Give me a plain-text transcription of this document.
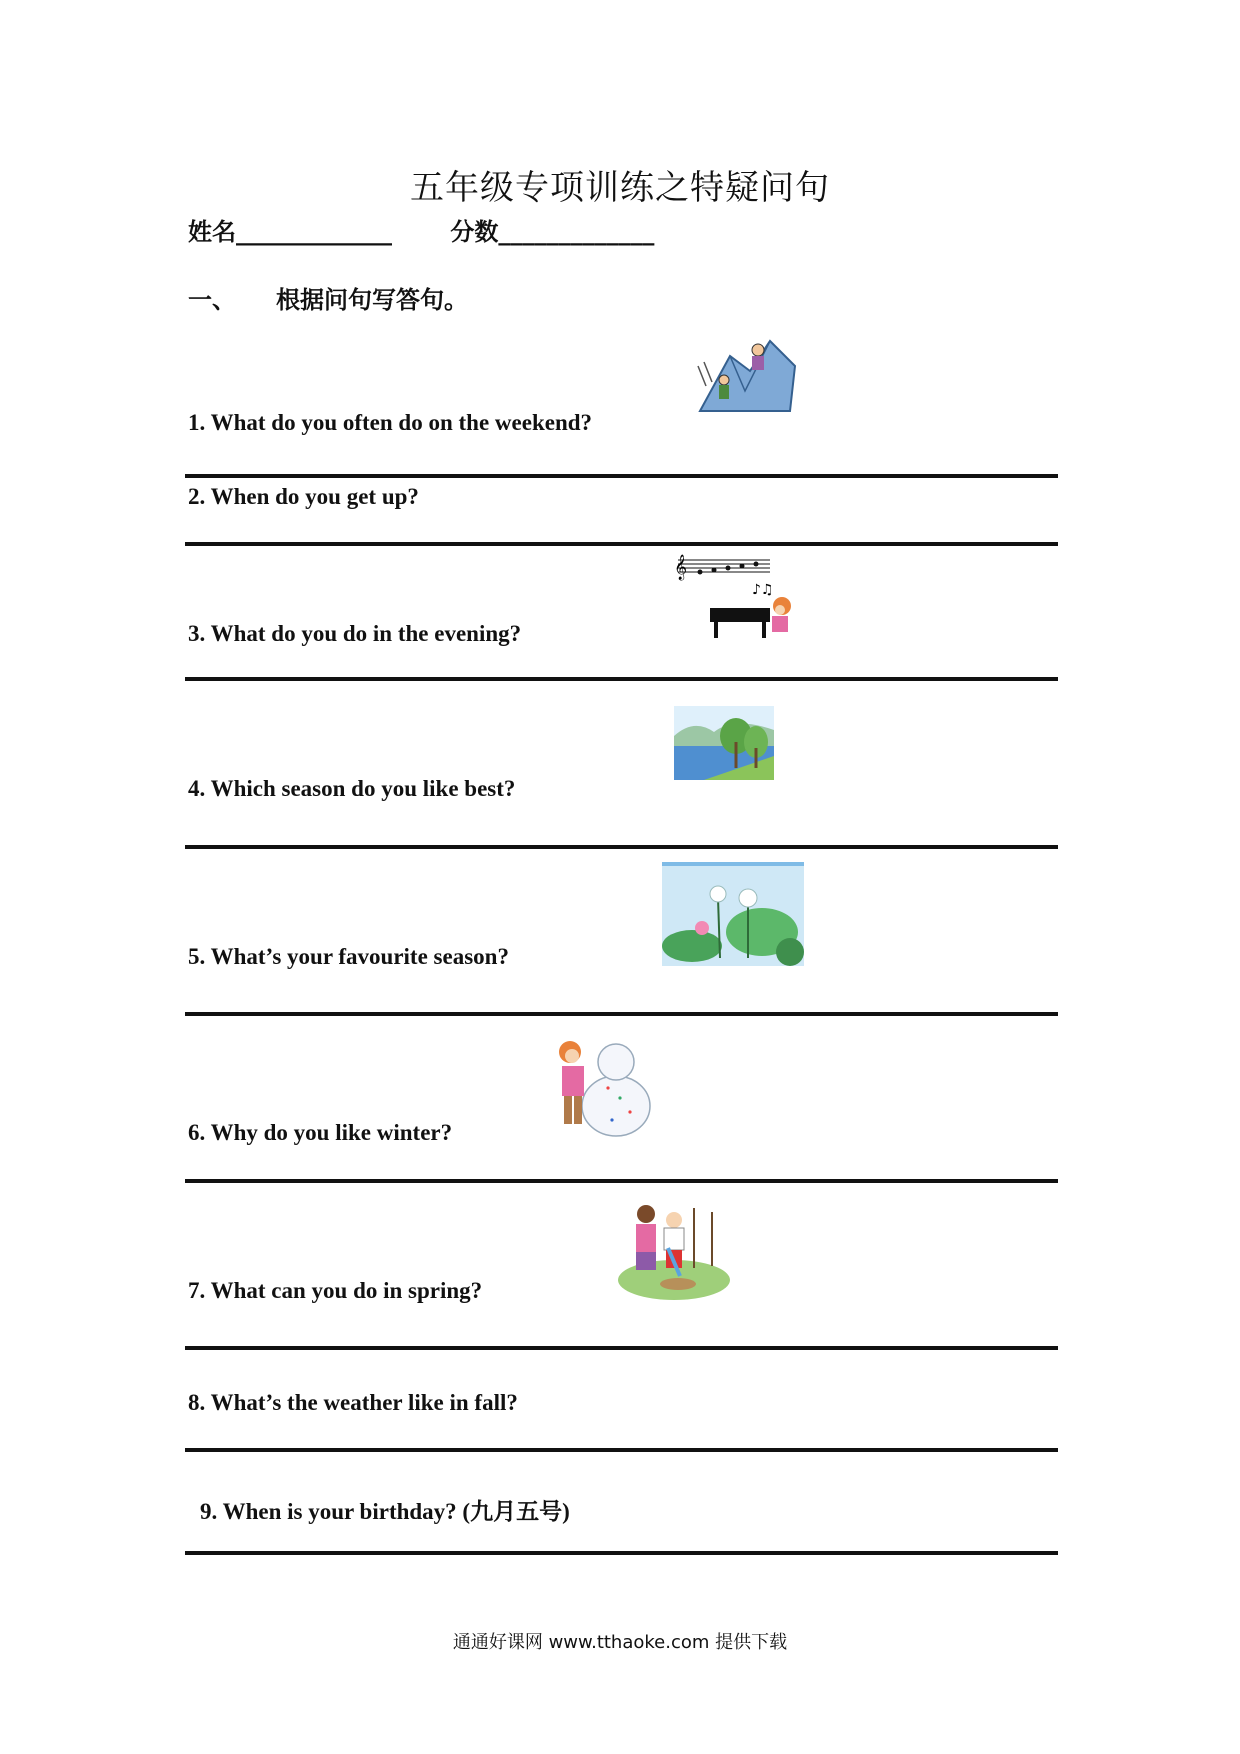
五年级专项训练之特疑问句
姓名_____________ 分数_____________
一、 根据问句写答句。
1. What do you often do on the weekend?
2. When do you get up?
3. What do you do in the evening?
𝄞
♪♫
4. Which season do you like best?
5. What’s your favourite season?
6. Why do you like winter?
7. What can you do in spring?
8. What’s the weather like in fall?
9. When is your birthday? (九月五号)
通通好课网 www.tthaoke.com 提供下载
